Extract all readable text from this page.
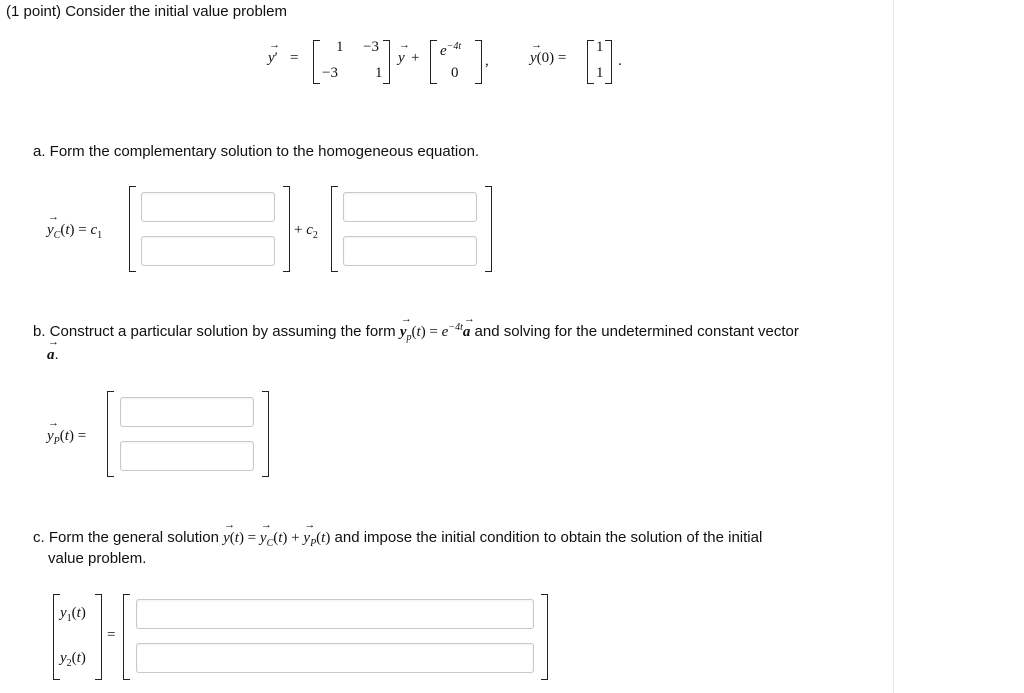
(1 point) Consider the initial value problem
→ y′ =
1 −3
−3 1
→ $y + e^{-4t}$
0
,
→	y(0) =
1
1
.
a. Form the complementary solution to the homogeneous equation.
→ $y_C(t) = c_1$	+ $c_2$
b. Construct a particular solution by assuming the form → $y_p(t) = e^{-4t}\to a$ and solving for the undetermined constant vector
→ a.
→ $y_P(t)$ =
c. Form the general solution → y(t) = → $y_C(t)$ + → $y_P(t)$ and impose the initial condition to obtain the solution of the initial
value problem.
$y_1(t)$
$y_2(t)$
=
